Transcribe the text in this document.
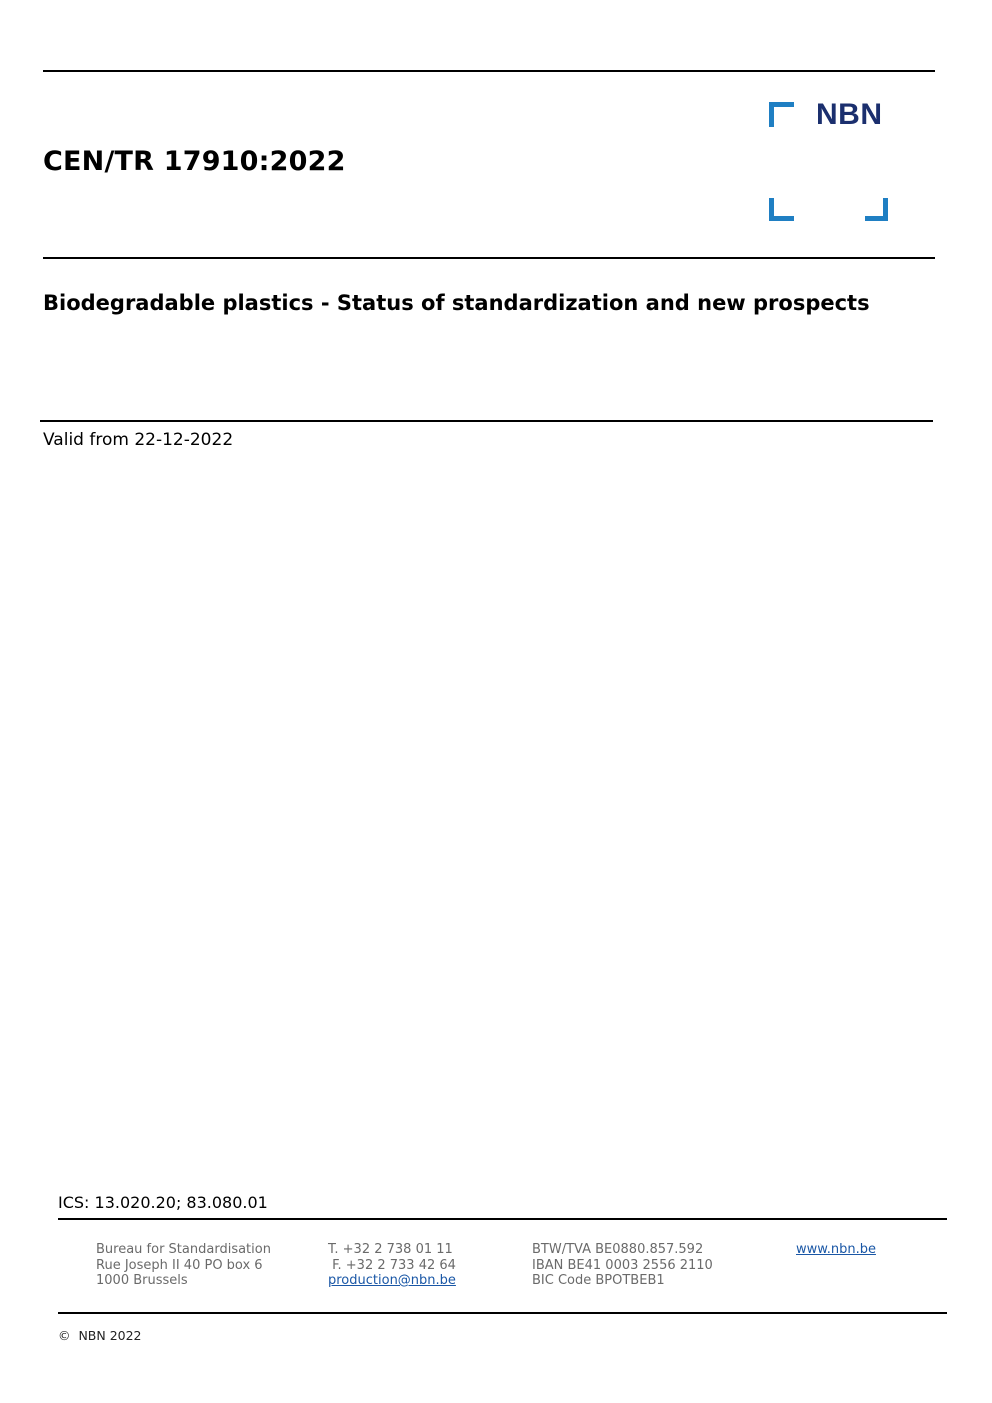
CEN/TR 17910:2022
NBN
Biodegradable plastics - Status of standardization and new prospects
Valid from 22-12-2022
ICS: 13.020.20; 83.080.01
Bureau for Standardisation
Rue Joseph II 40 PO box 6
1000 Brussels
T. +32 2 738 01 11
F. +32 2 733 42 64
production@nbn.be
BTW/TVA BE0880.857.592
IBAN BE41 0003 2556 2110
BIC Code BPOTBEB1
www.nbn.be
©  NBN 2022
